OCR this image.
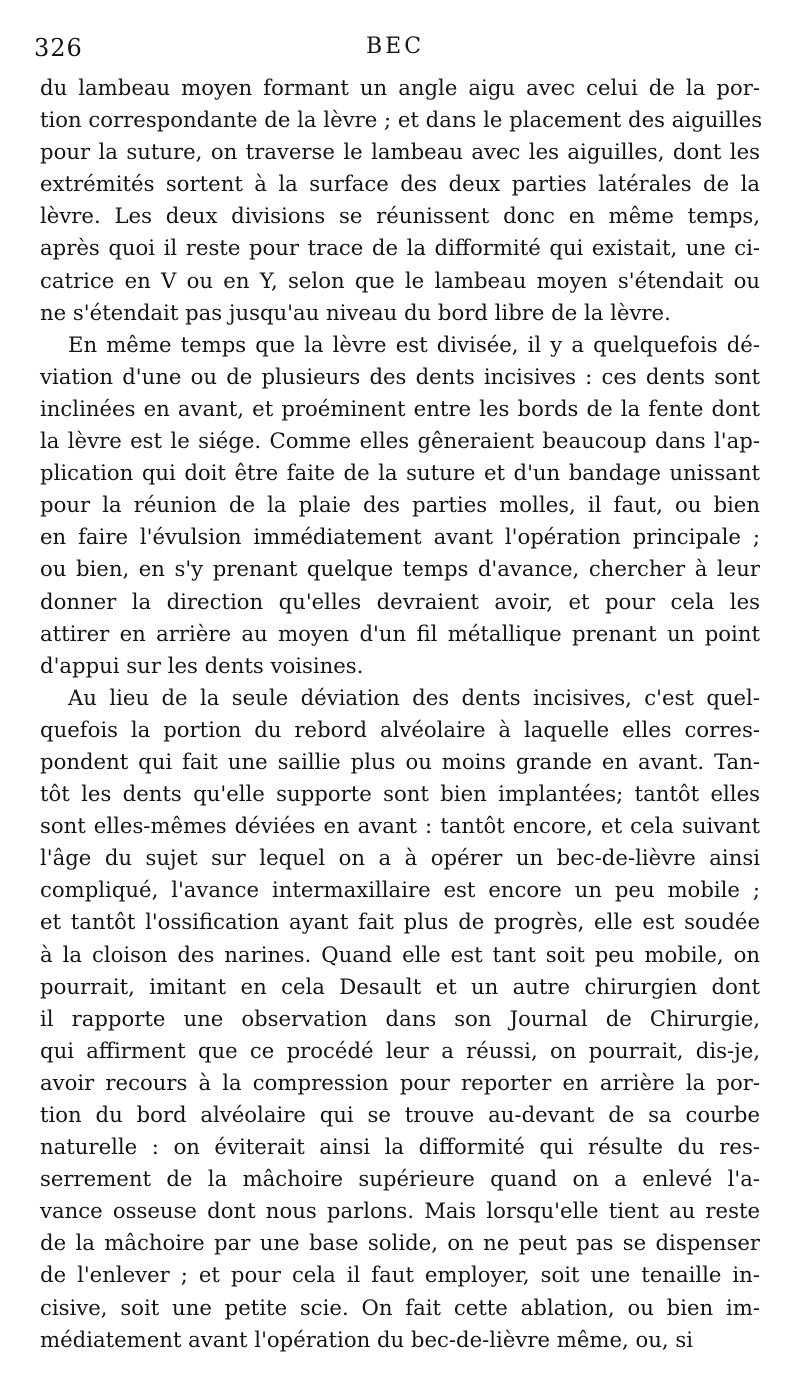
326	BEC
du lambeau moyen formant un angle aigu avec celui de la por-
tion correspondante de la lèvre ; et dans le placement des aiguilles
pour la suture, on traverse le lambeau avec les aiguilles, dont les
extrémités sortent à la surface des deux parties latérales de la
lèvre. Les deux divisions se réunissent donc en même temps,
après quoi il reste pour trace de la difformité qui existait, une ci-
catrice en V ou en Y, selon que le lambeau moyen s'étendait ou
ne s'étendait pas jusqu'au niveau du bord libre de la lèvre.
En même temps que la lèvre est divisée, il y a quelquefois dé-
viation d'une ou de plusieurs des dents incisives : ces dents sont
inclinées en avant, et proéminent entre les bords de la fente dont
la lèvre est le siége. Comme elles gêneraient beaucoup dans l'ap-
plication qui doit être faite de la suture et d'un bandage unissant
pour la réunion de la plaie des parties molles, il faut, ou bien
en faire l'évulsion immédiatement avant l'opération principale ;
ou bien, en s'y prenant quelque temps d'avance, chercher à leur
donner la direction qu'elles devraient avoir, et pour cela les
attirer en arrière au moyen d'un fil métallique prenant un point
d'appui sur les dents voisines.
Au lieu de la seule déviation des dents incisives, c'est quel-
quefois la portion du rebord alvéolaire à laquelle elles corres-
pondent qui fait une saillie plus ou moins grande en avant. Tan-
tôt les dents qu'elle supporte sont bien implantées; tantôt elles
sont elles-mêmes déviées en avant : tantôt encore, et cela suivant
l'âge du sujet sur lequel on a à opérer un bec-de-lièvre ainsi
compliqué, l'avance intermaxillaire est encore un peu mobile ;
et tantôt l'ossification ayant fait plus de progrès, elle est soudée
à la cloison des narines. Quand elle est tant soit peu mobile, on
pourrait, imitant en cela Desault et un autre chirurgien dont
il rapporte une observation dans son Journal de Chirurgie,
qui affirment que ce procédé leur a réussi, on pourrait, dis-je,
avoir recours à la compression pour reporter en arrière la por-
tion du bord alvéolaire qui se trouve au-devant de sa courbe
naturelle : on éviterait ainsi la difformité qui résulte du res-
serrement de la mâchoire supérieure quand on a enlevé l'a-
vance osseuse dont nous parlons. Mais lorsqu'elle tient au reste
de la mâchoire par une base solide, on ne peut pas se dispenser
de l'enlever ; et pour cela il faut employer, soit une tenaille in-
cisive, soit une petite scie. On fait cette ablation, ou bien im-
médiatement avant l'opération du bec-de-lièvre même, ou, si
